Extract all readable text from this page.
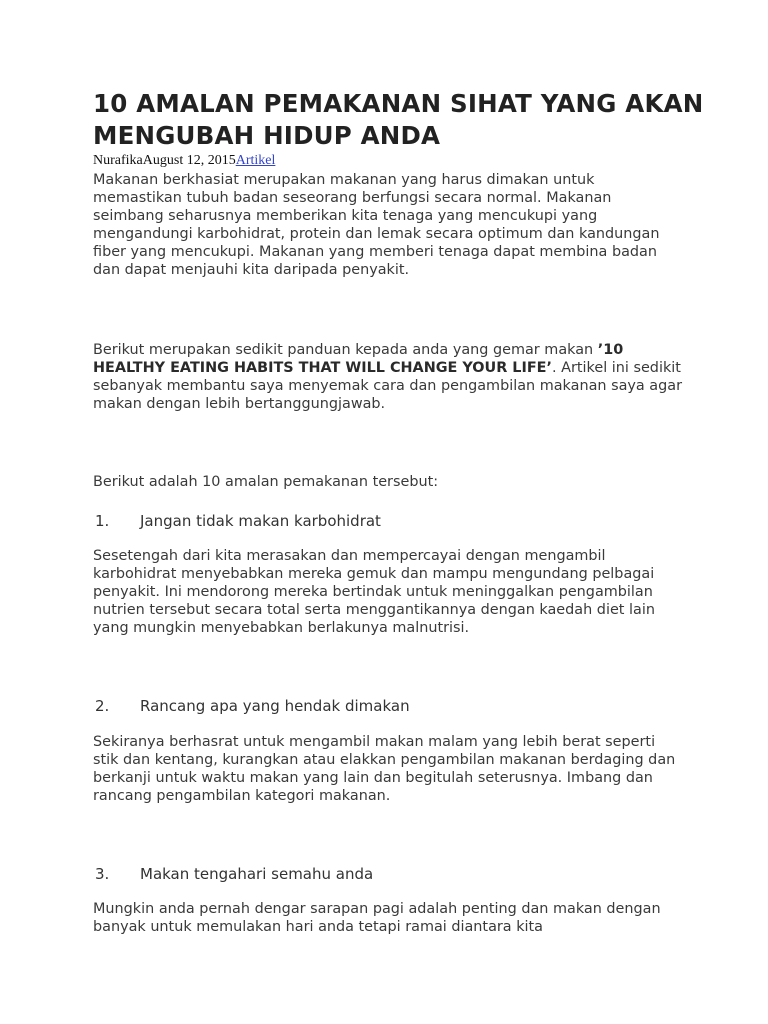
10 AMALAN PEMAKANAN SIHAT YANG AKAN MENGUBAH HIDUP ANDA
NurafikaAugust 12, 2015Artikel

Makanan berkhasiat merupakan makanan yang harus dimakan untuk memastikan tubuh badan seseorang berfungsi secara normal. Makanan seimbang seharusnya memberikan kita tenaga yang mencukupi yang mengandungi karbohidrat, protein dan lemak secara optimum dan kandungan fiber yang mencukupi. Makanan yang memberi tenaga dapat membina badan dan dapat menjauhi kita daripada penyakit.

Berikut merupakan sedikit panduan kepada anda yang gemar makan ’10 HEALTHY EATING HABITS THAT WILL CHANGE YOUR LIFE’. Artikel ini sedikit sebanyak membantu saya menyemak cara dan pengambilan makanan saya agar makan dengan lebih bertanggungjawab.

Berikut adalah 10 amalan pemakanan tersebut:

1. Jangan tidak makan karbohidrat

Sesetengah dari kita merasakan dan mempercayai dengan mengambil karbohidrat menyebabkan mereka gemuk dan mampu mengundang pelbagai penyakit. Ini mendorong mereka bertindak untuk meninggalkan pengambilan nutrien tersebut secara total serta menggantikannya dengan kaedah diet lain yang mungkin menyebabkan berlakunya malnutrisi.

2. Rancang apa yang hendak dimakan

Sekiranya berhasrat untuk mengambil makan malam yang lebih berat seperti stik dan kentang, kurangkan atau elakkan pengambilan makanan berdaging dan berkanji untuk waktu makan yang lain dan begitulah seterusnya. Imbang dan rancang pengambilan kategori makanan.

3. Makan tengahari semahu anda

Mungkin anda pernah dengar sarapan pagi adalah penting dan makan dengan banyak untuk memulakan hari anda tetapi ramai diantara kita
